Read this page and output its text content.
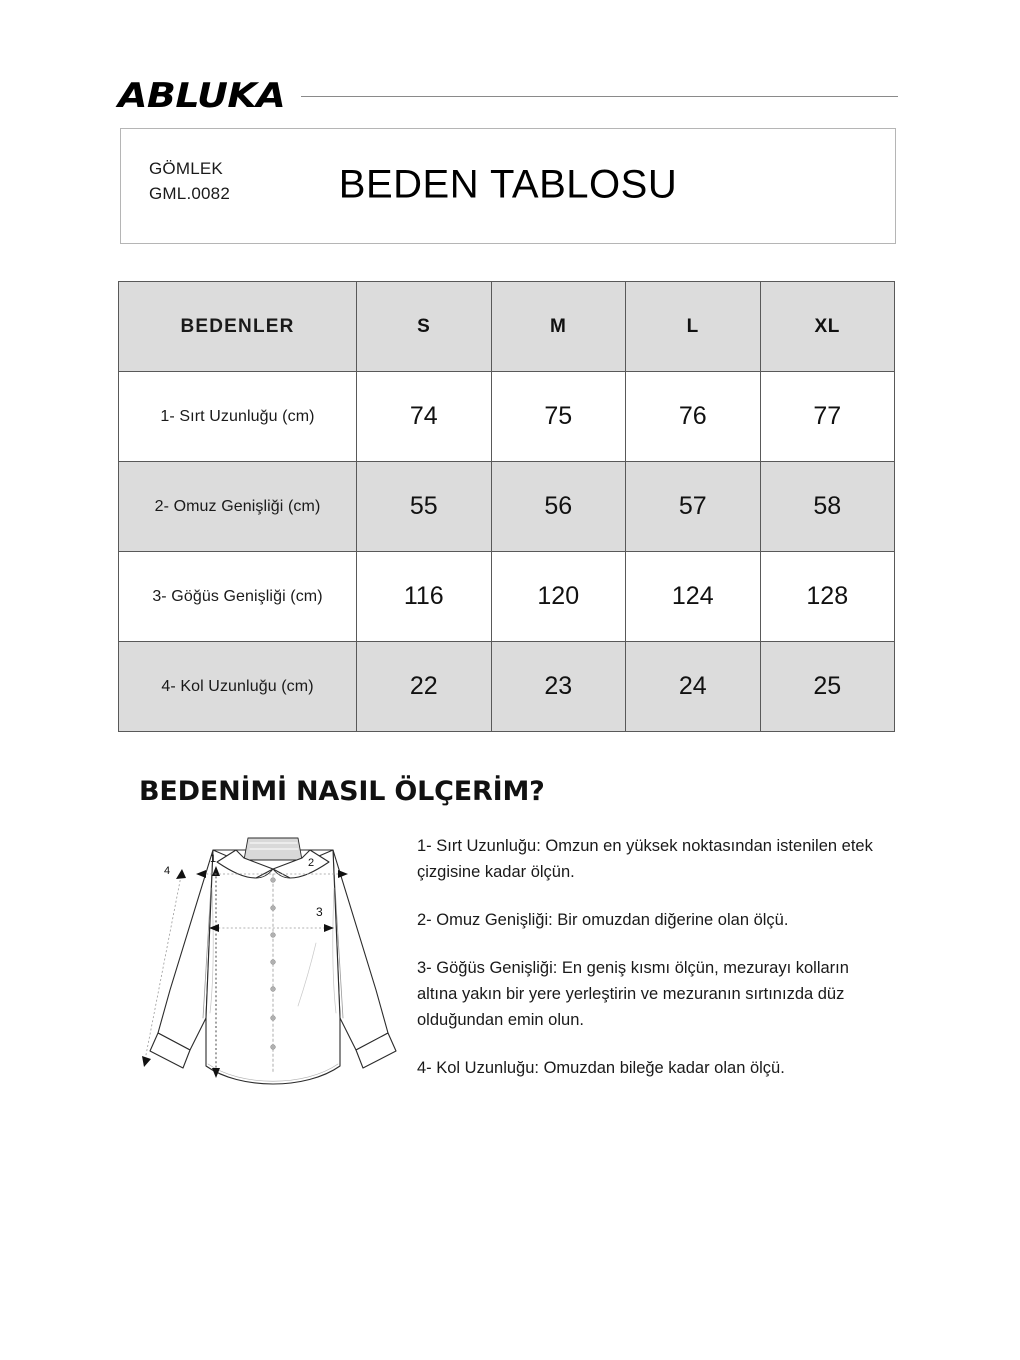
ABLUKA
GÖMLEK
GML.0082	BEDEN TABLOSU
BEDENLER	S	M	L	XL
1- Sırt Uzunluğu (cm)	74	75	76	77
2- Omuz Genişliği (cm)	55	56	57	58
3- Göğüs Genişliği (cm)	116	120	124	128
4- Kol Uzunluğu (cm)	22	23	24	25
BEDENİMİ NASIL ÖLÇERİM?
1	2
3
4

1- Sırt Uzunluğu: Omzun en yüksek noktasından istenilen etek çizgisine kadar ölçün.

2- Omuz Genişliği: Bir omuzdan diğerine olan ölçü.

3- Göğüs Genişliği: En geniş kısmı ölçün, mezurayı kolların altına yakın bir yere yerleştirin ve mezuranın sırtınızda düz olduğundan emin olun.

4- Kol Uzunluğu: Omuzdan bileğe kadar olan ölçü.
